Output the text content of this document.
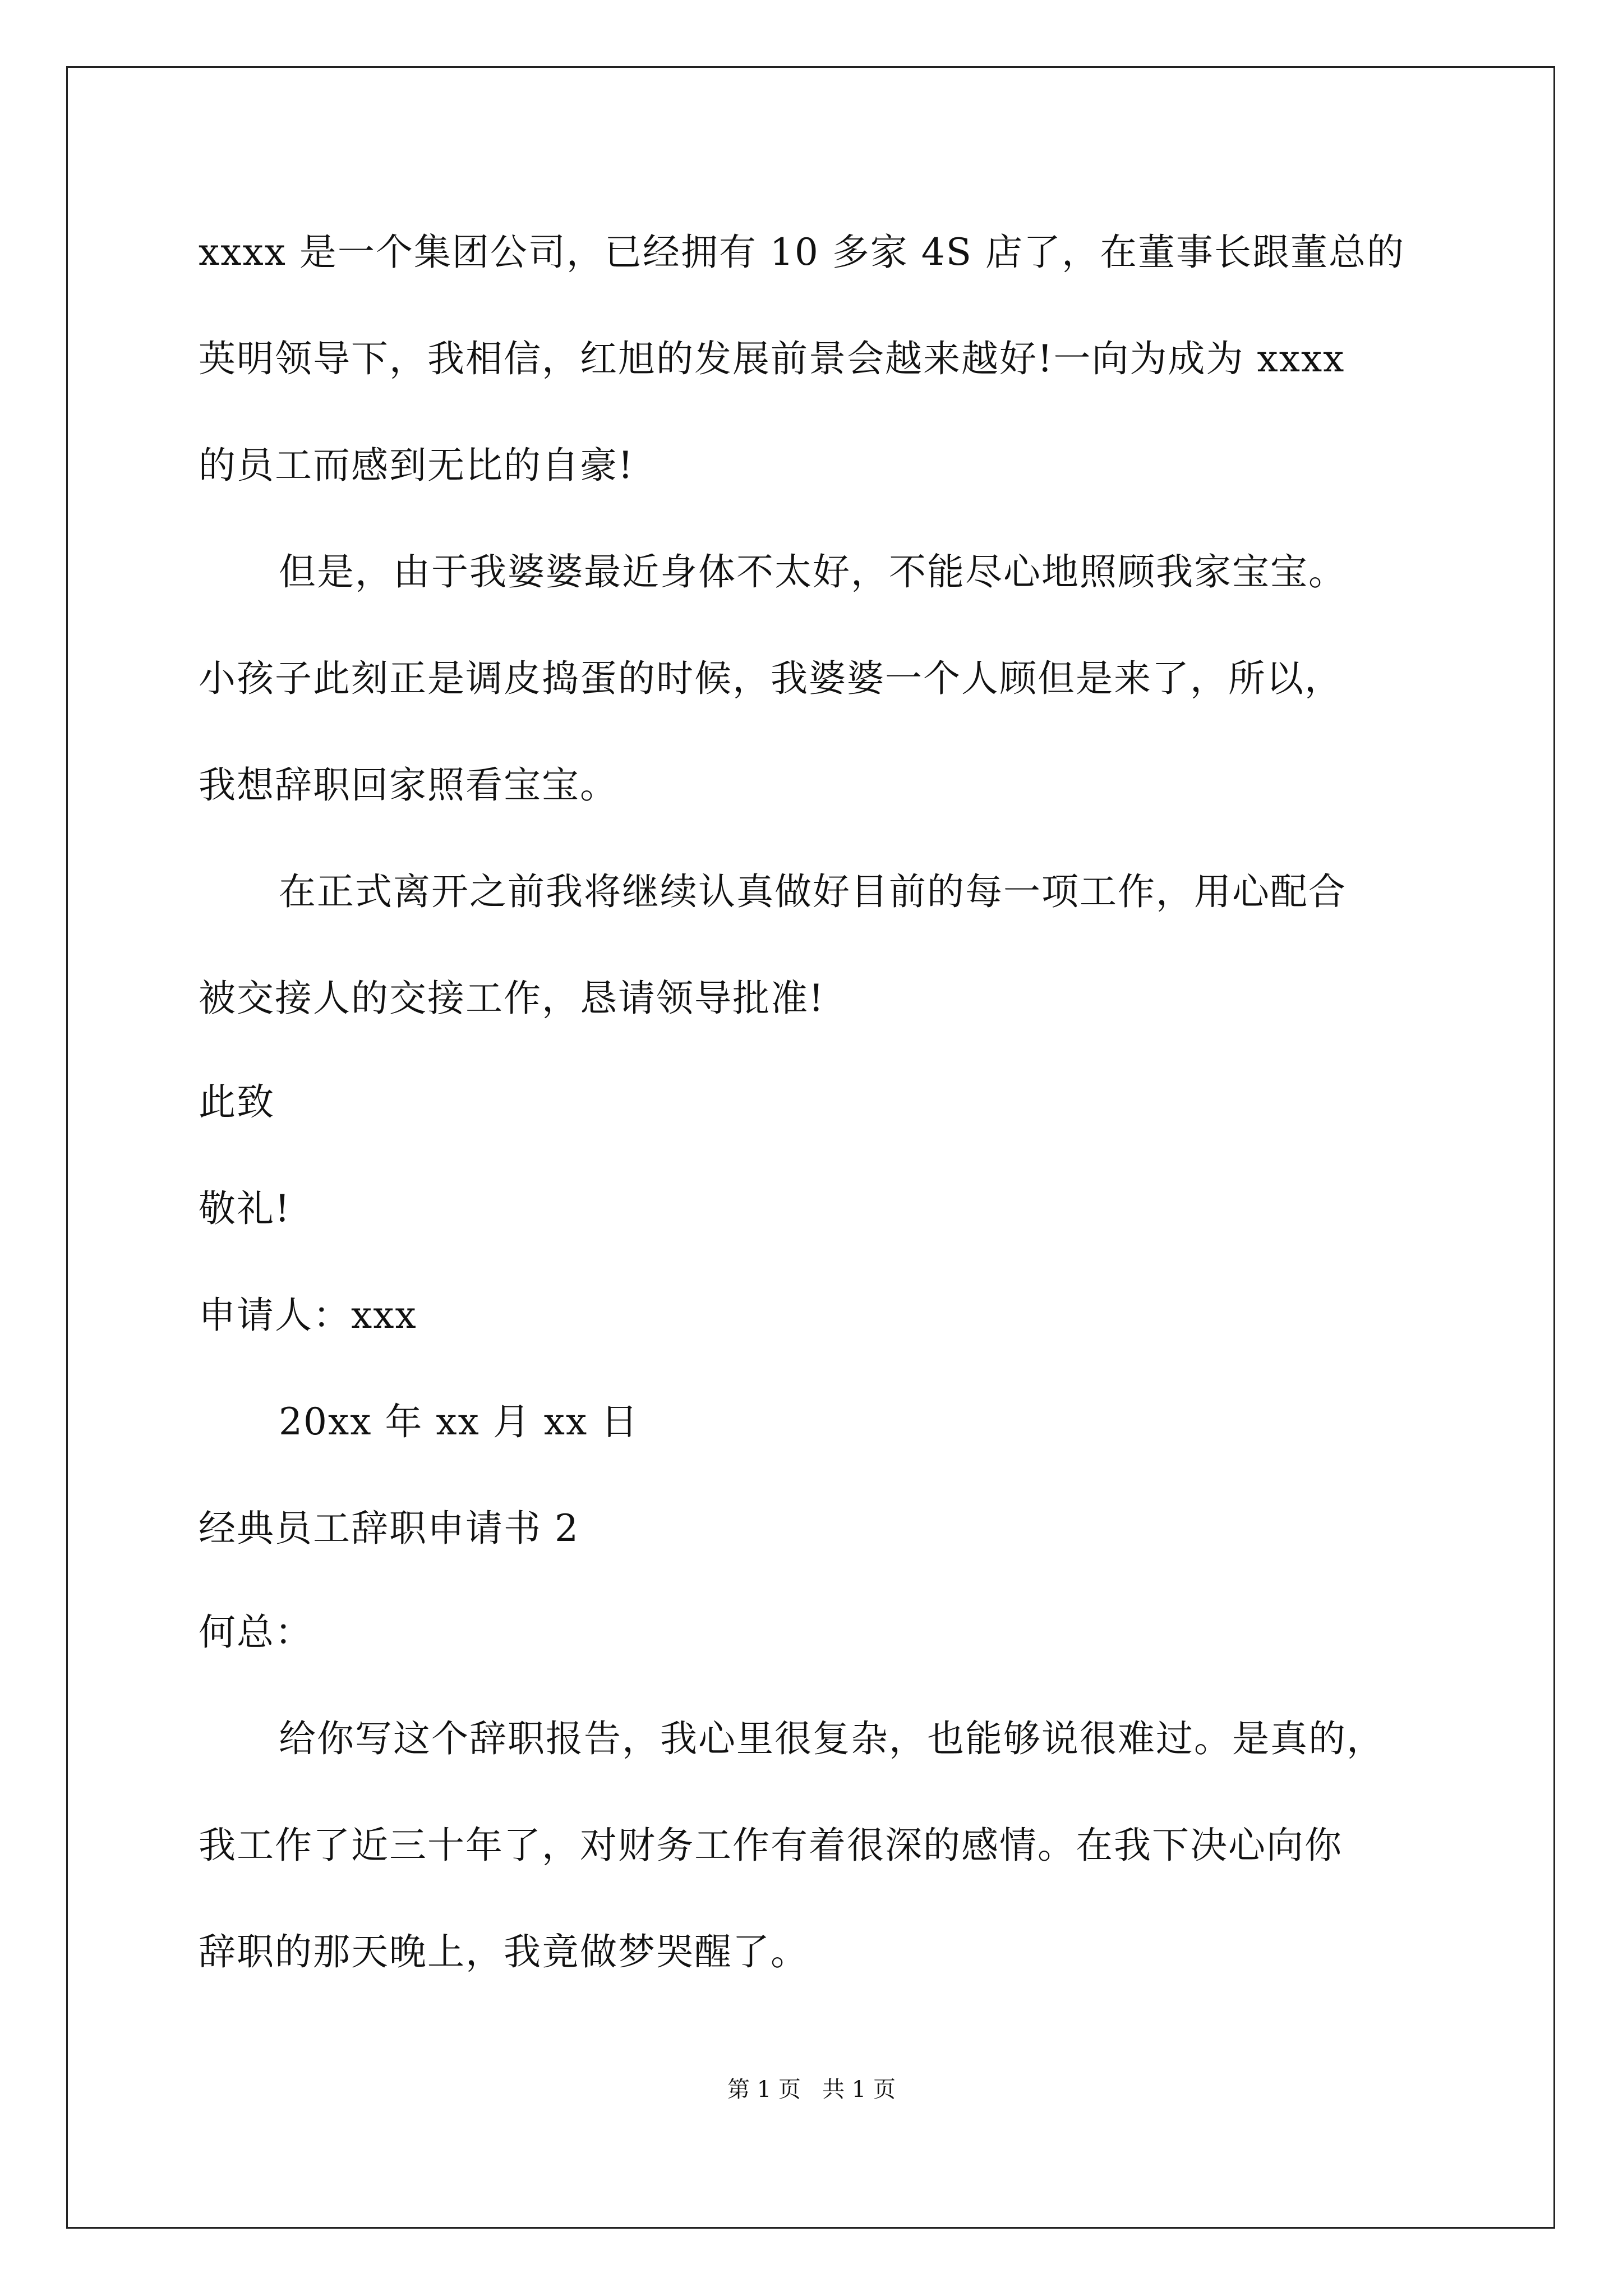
xxxx 是一个集团公司，已经拥有 10 多家 4S 店了，在董事长跟董总的
英明领导下，我相信，红旭的发展前景会越来越好!一向为成为 xxxx
的员工而感到无比的自豪!
但是，由于我婆婆最近身体不太好，不能尽心地照顾我家宝宝。
小孩子此刻正是调皮捣蛋的时候，我婆婆一个人顾但是来了，所以，
我想辞职回家照看宝宝。
在正式离开之前我将继续认真做好目前的每一项工作，用心配合
被交接人的交接工作，恳请领导批准!
此致
敬礼!
申请人：xxx
20xx 年 xx 月 xx 日
经典员工辞职申请书 2
何总：
给你写这个辞职报告，我心里很复杂，也能够说很难过。是真的，
我工作了近三十年了，对财务工作有着很深的感情。在我下决心向你
辞职的那天晚上，我竟做梦哭醒了。
第 1 页   共 1 页
